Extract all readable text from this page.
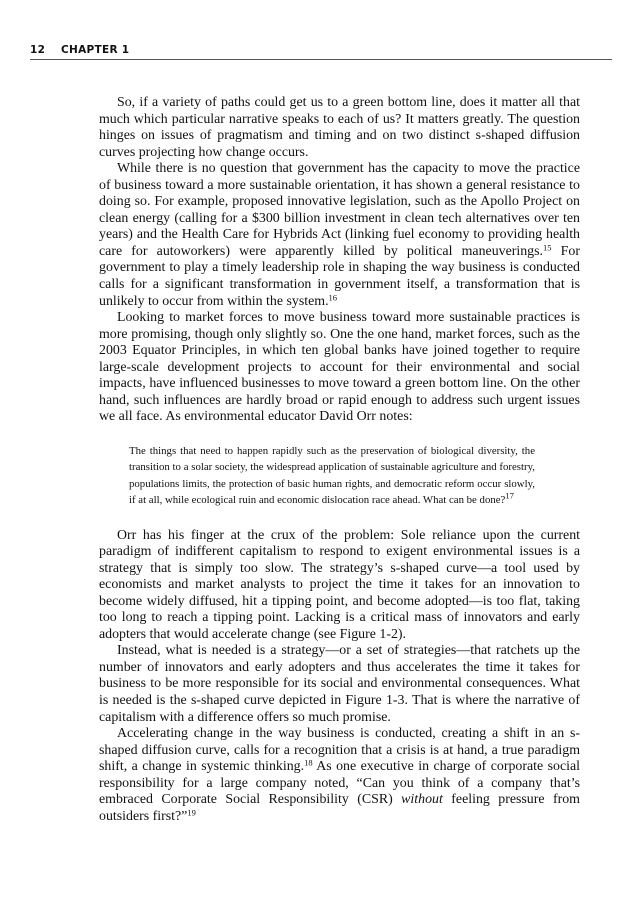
12 CHAPTER 1

So, if a variety of paths could get us to a green bottom line, does it matter all that much which particular narrative speaks to each of us? It matters greatly. The question hinges on issues of pragmatism and timing and on two distinct s-shaped diffusion curves projecting how change occurs.

While there is no question that government has the capacity to move the practice of business toward a more sustainable orientation, it has shown a general resistance to doing so. For example, proposed innovative legislation, such as the Apollo Project on clean energy (calling for a $300 billion investment in clean tech alternatives over ten years) and the Health Care for Hybrids Act (linking fuel economy to providing health care for autoworkers) were apparently killed by political maneuverings.$^{15}$ For government to play a timely leadership role in shaping the way business is conducted calls for a significant transformation in government itself, a transformation that is unlikely to occur from within the system.$^{16}$

Looking to market forces to move business toward more sustainable practices is more promising, though only slightly so. One the one hand, market forces, such as the 2003 Equator Principles, in which ten global banks have joined together to require large-scale development projects to account for their environmental and social impacts, have influenced businesses to move toward a green bottom line. On the other hand, such influences are hardly broad or rapid enough to address such urgent issues we all face. As environmental educator David Orr notes:

The things that need to happen rapidly such as the preservation of biological diversity, the transition to a solar society, the widespread application of sustainable agriculture and forestry, populations limits, the protection of basic human rights, and democratic reform occur slowly, if at all, while ecological ruin and economic dislocation race ahead. What can be done?$^{17}$

Orr has his finger at the crux of the problem: Sole reliance upon the current paradigm of indifferent capitalism to respond to exigent environmental issues is a strategy that is simply too slow. The strategy’s s-shaped curve—a tool used by economists and market analysts to project the time it takes for an innovation to become widely diffused, hit a tipping point, and become adopted—is too flat, taking too long to reach a tipping point. Lacking is a critical mass of innovators and early adopters that would accelerate change (see Figure 1-2).

Instead, what is needed is a strategy—or a set of strategies—that ratchets up the number of innovators and early adopters and thus accelerates the time it takes for business to be more responsible for its social and environmental consequences. What is needed is the s-shaped curve depicted in Figure 1-3. That is where the narrative of capitalism with a difference offers so much promise.

Accelerating change in the way business is conducted, creating a shift in an s-shaped diffusion curve, calls for a recognition that a crisis is at hand, a true paradigm shift, a change in systemic thinking.$^{18}$ As one executive in charge of corporate social responsibility for a large company noted, “Can you think of a company that’s embraced Corporate Social Responsibility (CSR) without feeling pressure from outsiders first?”$^{19}$
